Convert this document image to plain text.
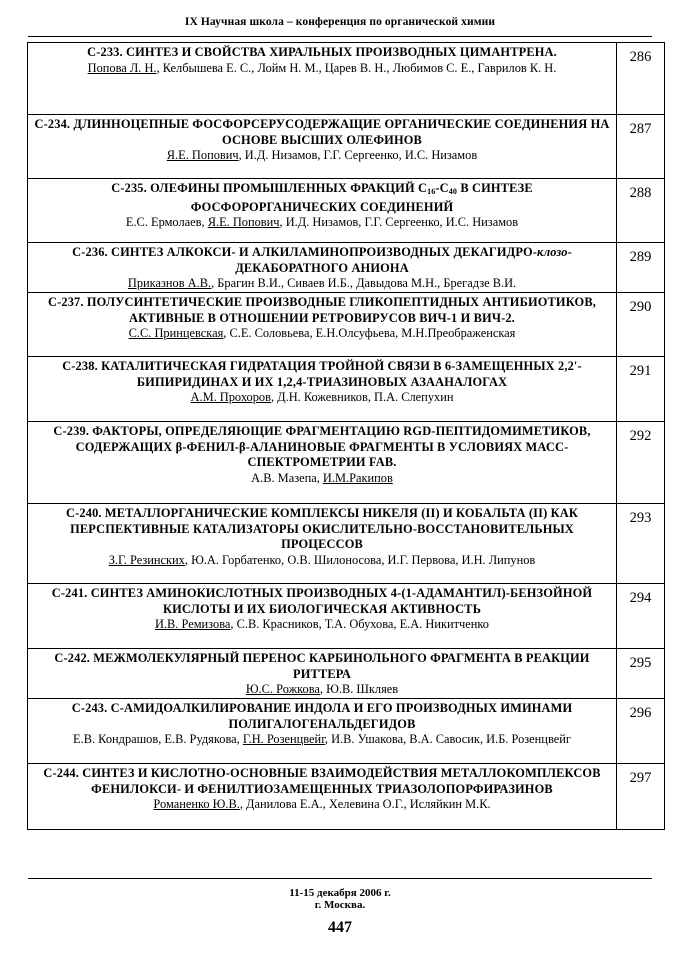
IX Научная школа – конференция по органической химии
С-233. СИНТЕЗ И СВОЙСТВА ХИРАЛЬНЫХ ПРОИЗВОДНЫХ ЦИМАНТРЕНА.
Попова Л. Н., Келбышева Е. С., Лойм Н. М., Царев В. Н., Любимов С. Е., Гаврилов К. Н.	286

С-234. ДЛИННОЦЕПНЫЕ ФОСФОРСЕРУСОДЕРЖАЩИЕ ОРГАНИЧЕСКИЕ СОЕДИНЕНИЯ НА ОСНОВЕ ВЫСШИХ ОЛЕФИНОВ
Я.Е. Попович, И.Д. Низамов, Г.Г. Сергеенко, И.С. Низамов	287

С-235. ОЛЕФИНЫ ПРОМЫШЛЕННЫХ ФРАКЦИЙ $С_{16}-С_{40}$ В СИНТЕЗЕ ФОСФОРОРГАНИЧЕСКИХ СОЕДИНЕНИЙ
Е.С. Ермолаев, Я.Е. Попович, И.Д. Низамов, Г.Г. Сергеенко, И.С. Низамов	288

С-236. СИНТЕЗ АЛКОКСИ- И АЛКИЛАМИНОПРОИЗВОДНЫХ ДЕКАГИДРО-клозо-ДЕКАБОРАТНОГО АНИОНА
Приказнов А.В., Брагин В.И., Сиваев И.Б., Давыдова М.Н., Брегадзе В.И.	289

С-237. ПОЛУСИНТЕТИЧЕСКИЕ ПРОИЗВОДНЫЕ ГЛИКОПЕПТИДНЫХ АНТИБИОТИКОВ, АКТИВНЫЕ В ОТНОШЕНИИ РЕТРОВИРУСОВ ВИЧ-1 И ВИЧ-2.
С.С. Принцевская, С.Е. Соловьева, Е.Н.Олсуфьева, М.Н.Преображенская	290

С-238. КАТАЛИТИЧЕСКАЯ ГИДРАТАЦИЯ ТРОЙНОЙ СВЯЗИ В 6-ЗАМЕЩЕННЫХ 2,2'-БИПИРИДИНАХ И ИХ 1,2,4-ТРИАЗИНОВЫХ АЗААНАЛОГАХ
А.М. Прохоров, Д.Н. Кожевников, П.А. Слепухин	291

С-239. ФАКТОРЫ, ОПРЕДЕЛЯЮЩИЕ ФРАГМЕНТАЦИЮ RGD-ПЕПТИДОМИМЕТИКОВ, СОДЕРЖАЩИХ β-ФЕНИЛ-β-АЛАНИНОВЫЕ ФРАГМЕНТЫ В УСЛОВИЯХ МАСС-СПЕКТРОМЕТРИИ FAB.
А.В. Мазепа, И.М.Ракипов	292

С-240. МЕТАЛЛОРГАНИЧЕСКИЕ КОМПЛЕКСЫ НИКЕЛЯ (II) И КОБАЛЬТА (II) КАК ПЕРСПЕКТИВНЫЕ КАТАЛИЗАТОРЫ ОКИСЛИТЕЛЬНО-ВОССТАНОВИТЕЛЬНЫХ ПРОЦЕССОВ
З.Г. Резинских, Ю.А. Горбатенко, О.В. Шилоносова, И.Г. Первова, И.Н. Липунов	293

С-241. СИНТЕЗ АМИНОКИСЛОТНЫХ ПРОИЗВОДНЫХ 4-(1-АДАМАНТИЛ)-БЕНЗОЙНОЙ КИСЛОТЫ И ИХ БИОЛОГИЧЕСКАЯ АКТИВНОСТЬ
И.В. Ремизова, С.В. Красников, Т.А. Обухова, Е.А. Никитченко	294

С-242. МЕЖМОЛЕКУЛЯРНЫЙ ПЕРЕНОС КАРБИНОЛЬНОГО ФРАГМЕНТА В РЕАКЦИИ РИТТЕРА
Ю.С. Рожкова, Ю.В. Шкляев	295

С-243. С-АМИДОАЛКИЛИРОВАНИЕ ИНДОЛА И ЕГО ПРОИЗВОДНЫХ ИМИНАМИ ПОЛИГАЛОГЕНАЛЬДЕГИДОВ
Е.В. Кондрашов, Е.В. Рудякова, Г.Н. Розенцвейг, И.В. Ушакова, В.А. Савосик, И.Б. Розенцвейг	296

С-244. СИНТЕЗ И КИСЛОТНО-ОСНОВНЫЕ ВЗАИМОДЕЙСТВИЯ МЕТАЛЛОКОМПЛЕКСОВ ФЕНИЛОКСИ- И ФЕНИЛТИОЗАМЕЩЕННЫХ ТРИАЗОЛОПОРФИРАЗИНОВ
Романенко Ю.В., Данилова Е.А., Хелевина О.Г., Исляйкин М.К.	297
11-15 декабря 2006 г.
г. Москва.
447
